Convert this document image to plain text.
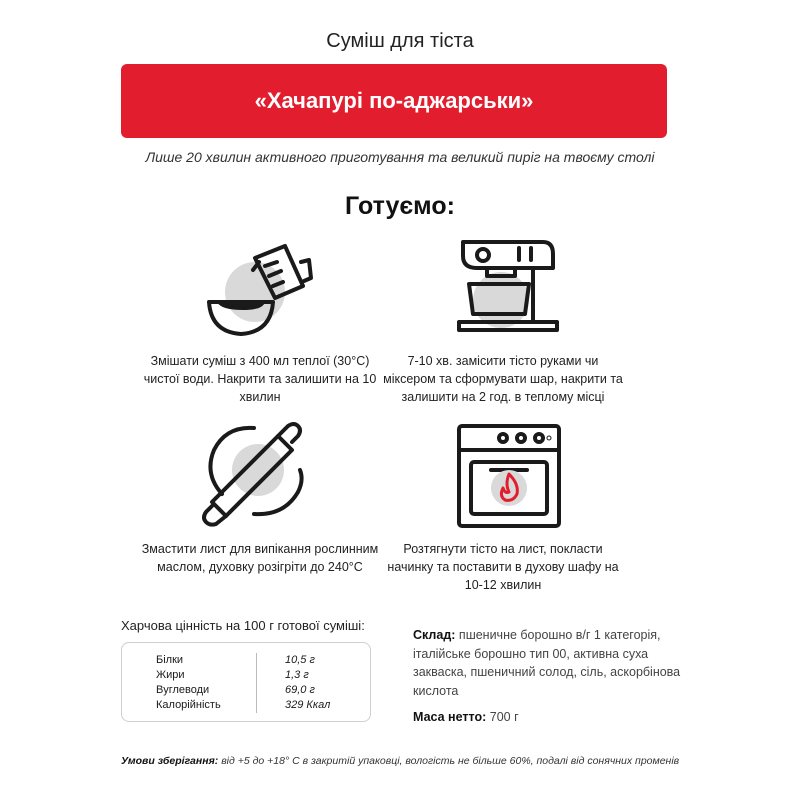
Суміш для тіста
«Хачапурі по-аджарськи»
Лише 20 хвилин активного приготування та великий пиріг на твоєму столі
Готуємо:
Змішати суміш з 400 мл теплої (30°C) чистої води. Накрити та залишити на 10 хвилин
7-10 хв. замісити тісто руками чи міксером та сформувати шар, накрити та залишити на 2 год. в теплому місці
Змастити лист для випікання рослинним маслом, духовку розігріти до 240°C
Розтягнути тісто на лист, покласти начинку та поставити в духову шафу на 10-12 хвилин
Харчова цінність на 100 г готової суміші:
Білки	10,5 г
Жири	1,3 г
Вуглеводи	69,0 г
Калорійність	329 Ккал
Склад: пшеничне борошно в/г 1 категорія, італійське борошно тип 00, активна суха закваска, пшеничний солод, сіль, аскорбінова кислота
Маса нетто: 700 г
Умови зберігання: від +5 до +18° С в закритій упаковці, вологість не більше 60%, подалі від сонячних променів
